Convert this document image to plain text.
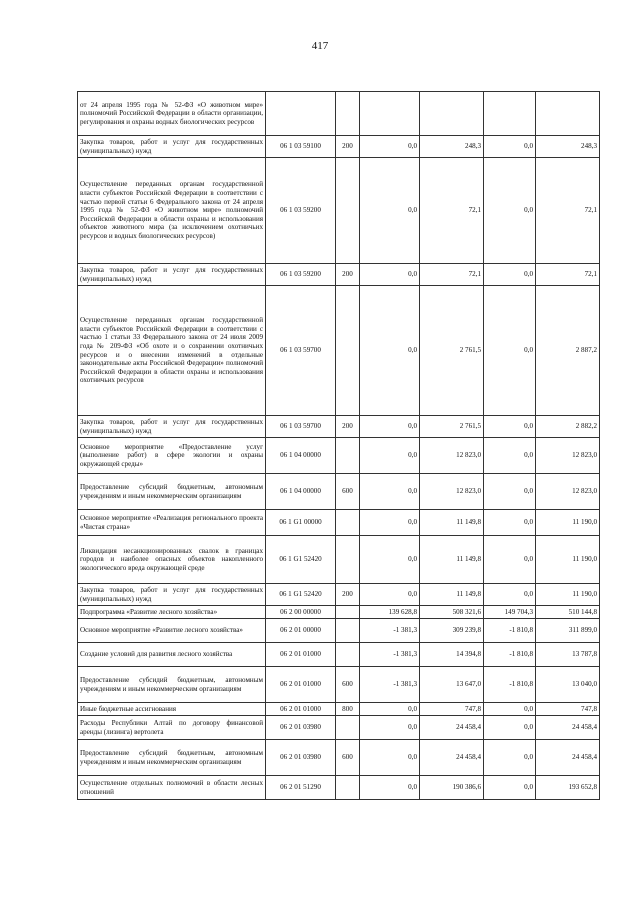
417
от 24 апреля 1995 года № 52-ФЗ «О животном мире» полномочий Российской Федерации в области организации, регулирования и охраны водных биологических ресурсов						
Закупка товаров, работ и услуг для государственных (муниципальных) нужд	06 1 03 59100	200	0,0	248,3	0,0	248,3
Осуществление переданных органам государственной власти субъектов Российской Федерации в соответствии с частью первой статьи 6 Федерального закона от 24 апреля 1995 года № 52-ФЗ «О животном мире» полномочий Российской Федерации в области охраны и использования объектов животного мира (за исключением охотничьих ресурсов и водных биологических ресурсов)	06 1 03 59200		0,0	72,1	0,0	72,1
Закупка товаров, работ и услуг для государственных (муниципальных) нужд	06 1 03 59200	200	0,0	72,1	0,0	72,1
Осуществление переданных органам государственной власти субъектов Российской Федерации в соответствии с частью 1 статьи 33 Федерального закона от 24 июля 2009 года № 209-ФЗ «Об охоте и о сохранении охотничьих ресурсов и о внесении изменений в отдельные законодательные акты Российской Федерации» полномочий Российской Федерации в области охраны и использования охотничьих ресурсов	06 1 03 59700		0,0	2 761,5	0,0	2 887,2
Закупка товаров, работ и услуг для государственных (муниципальных) нужд	06 1 03 59700	200	0,0	2 761,5	0,0	2 882,2
Основное мероприятие «Предоставление услуг (выполнение работ) в сфере экологии и охраны окружающей среды»	06 1 04 00000		0,0	12 823,0	0,0	12 823,0
Предоставление субсидий бюджетным, автономным учреждениям и иным некоммерческим организациям	06 1 04 00000	600	0,0	12 823,0	0,0	12 823,0
Основное мероприятие «Реализация регионального проекта «Чистая страна»	06 1 G1 00000		0,0	11 149,8	0,0	11 190,0
Ликвидация несанкционированных свалок в границах городов и наиболее опасных объектов накопленного экологического вреда окружающей среде	06 1 G1 52420		0,0	11 149,8	0,0	11 190,0
Закупка товаров, работ и услуг для государственных (муниципальных) нужд	06 1 G1 52420	200	0,0	11 149,8	0,0	11 190,0
Подпрограмма «Развитие лесного хозяйства»	06 2 00 00000		139 628,8	508 321,6	149 704,3	510 144,8
Основное мероприятие «Развитие лесного хозяйства»	06 2 01 00000		-1 381,3	309 239,8	-1 810,8	311 899,0
Создание условий для развития лесного хозяйства	06 2 01 01000		-1 381,3	14 394,8	-1 810,8	13 787,8
Предоставление субсидий бюджетным, автономным учреждениям и иным некоммерческим организациям	06 2 01 01000	600	-1 381,3	13 647,0	-1 810,8	13 040,0
Иные бюджетные ассигнования	06 2 01 01000	800	0,0	747,8	0,0	747,8
Расходы Республики Алтай по договору финансовой аренды (лизинга) вертолета	06 2 01 03980		0,0	24 458,4	0,0	24 458,4
Предоставление субсидий бюджетным, автономным учреждениям и иным некоммерческим организациям	06 2 01 03980	600	0,0	24 458,4	0,0	24 458,4
Осуществление отдельных полномочий в области лесных отношений	06 2 01 51290		0,0	190 386,6	0,0	193 652,8
